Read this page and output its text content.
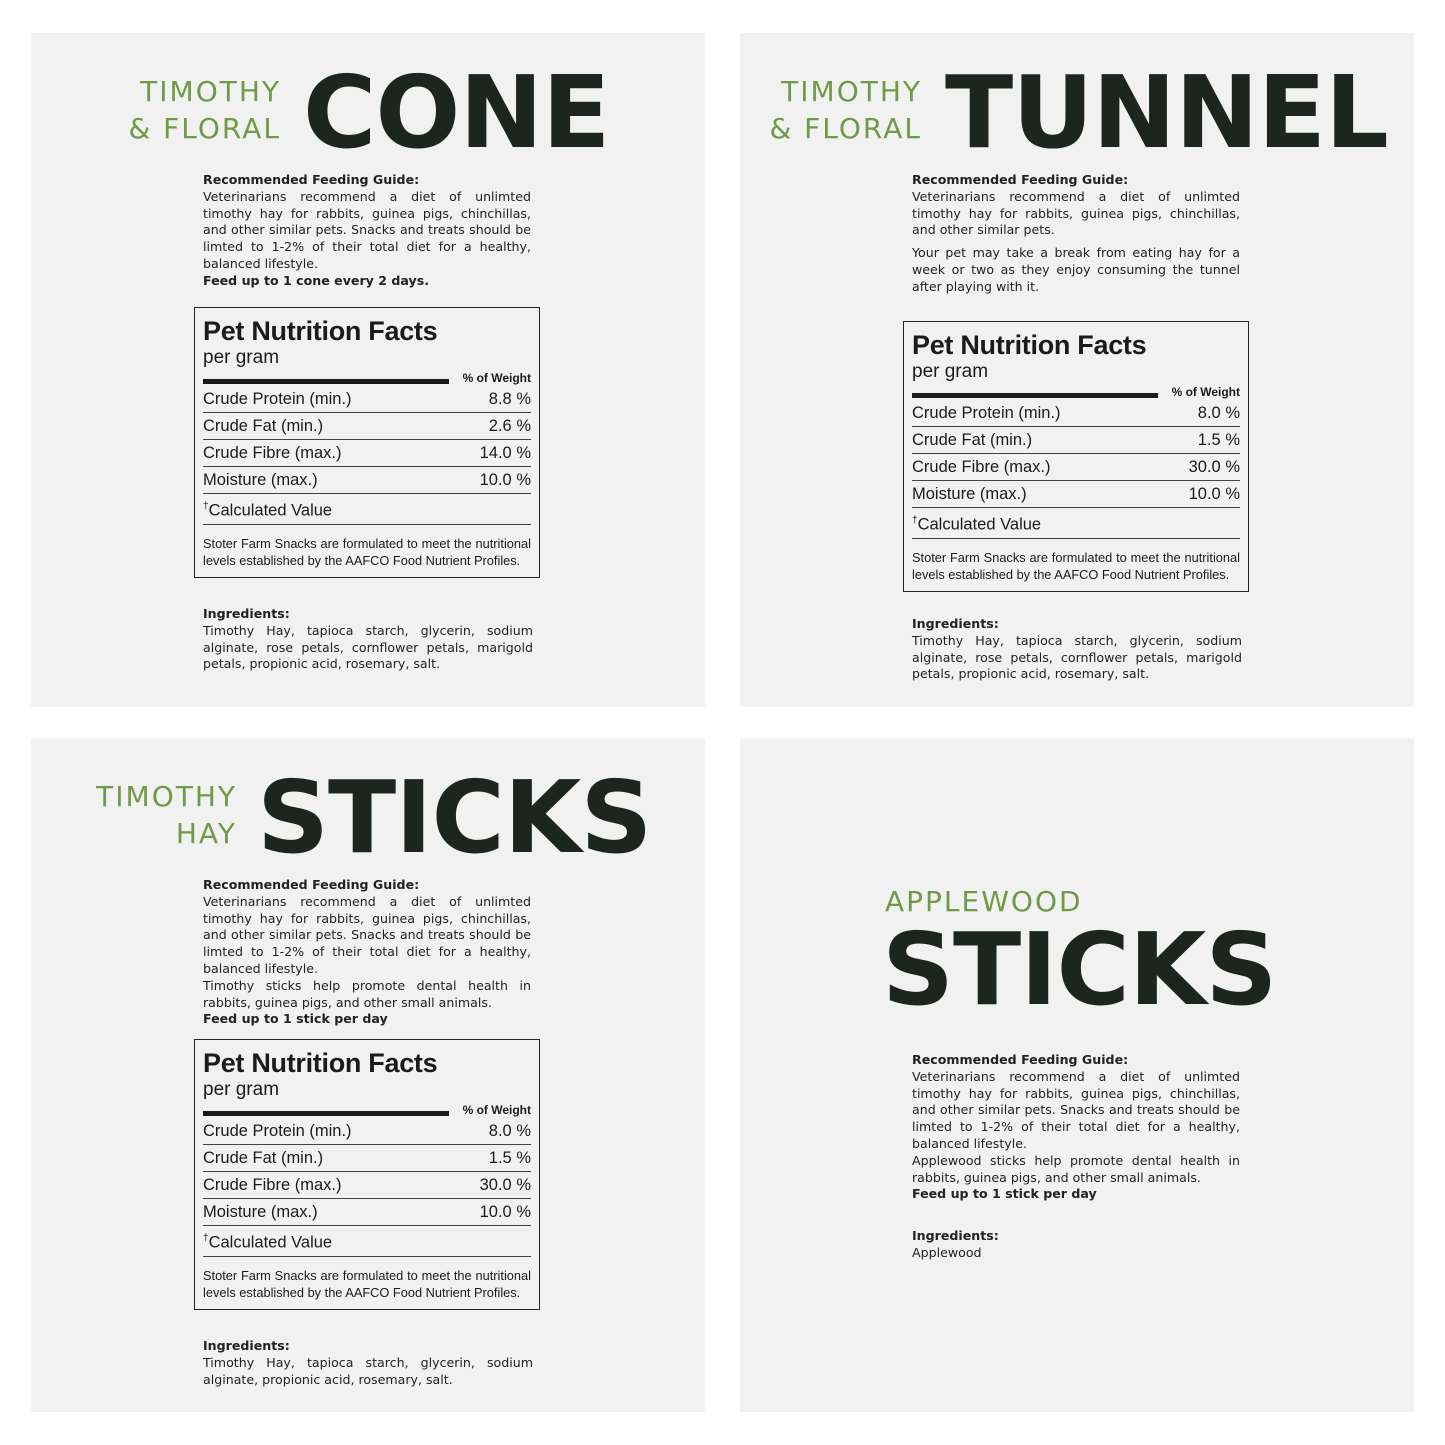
TIMOTHY
& FLORAL CONE
Recommended Feeding Guide:

Veterinarians recommend a diet of unlimted timothy hay for rabbits, guinea pigs, chinchillas, and other similar pets. Snacks and treats should be limted to 1-2% of their total diet for a healthy, balanced lifestyle.

Feed up to 1 cone every 2 days.
Pet Nutrition Facts
per gram
% of Weight
Crude Protein (min.)	8.8 %
Crude Fat (min.)	2.6 %
Crude Fibre (max.)	14.0 %
Moisture (max.)	10.0 %
†Calculated Value
Stoter Farm Snacks are formulated to meet the nutritional levels established by the AAFCO Food Nutrient Profiles.
Ingredients:
Timothy Hay, tapioca starch, glycerin, sodium alginate, rose petals, cornflower petals, marigold petals, propionic acid, rosemary, salt.
TIMOTHY
& FLORAL TUNNEL
Recommended Feeding Guide:

Veterinarians recommend a diet of unlimted timothy hay for rabbits, guinea pigs, chinchillas, and other similar pets.

Your pet may take a break from eating hay for a week or two as they enjoy consuming the tunnel after playing with it.

Pet Nutrition Facts
per gram
% of Weight
Crude Protein (min.)	8.0 %
Crude Fat (min.)	1.5 %
Crude Fibre (max.)	30.0 %
Moisture (max.)	10.0 %
†Calculated Value
Stoter Farm Snacks are formulated to meet the nutritional levels established by the AAFCO Food Nutrient Profiles.
Ingredients:
Timothy Hay, tapioca starch, glycerin, sodium alginate, rose petals, cornflower petals, marigold petals, propionic acid, rosemary, salt.
TIMOTHY
HAY STICKS
Recommended Feeding Guide:

Veterinarians recommend a diet of unlimted timothy hay for rabbits, guinea pigs, chinchillas, and other similar pets. Snacks and treats should be limted to 1-2% of their total diet for a healthy, balanced lifestyle.

Timothy sticks help promote dental health in rabbits, guinea pigs, and other small animals.

Feed up to 1 stick per day
Pet Nutrition Facts
per gram
% of Weight
Crude Protein (min.)	8.0 %
Crude Fat (min.)	1.5 %
Crude Fibre (max.)	30.0 %
Moisture (max.)	10.0 %
†Calculated Value
Stoter Farm Snacks are formulated to meet the nutritional levels established by the AAFCO Food Nutrient Profiles.
Ingredients:
Timothy Hay, tapioca starch, glycerin, sodium alginate, propionic acid, rosemary, salt.
APPLEWOOD
STICKS
Recommended Feeding Guide:

Veterinarians recommend a diet of unlimted timothy hay for rabbits, guinea pigs, chinchillas, and other similar pets. Snacks and treats should be limted to 1-2% of their total diet for a healthy, balanced lifestyle.

Applewood sticks help promote dental health in rabbits, guinea pigs, and other small animals.

Feed up to 1 stick per day
Ingredients:
Applewood
